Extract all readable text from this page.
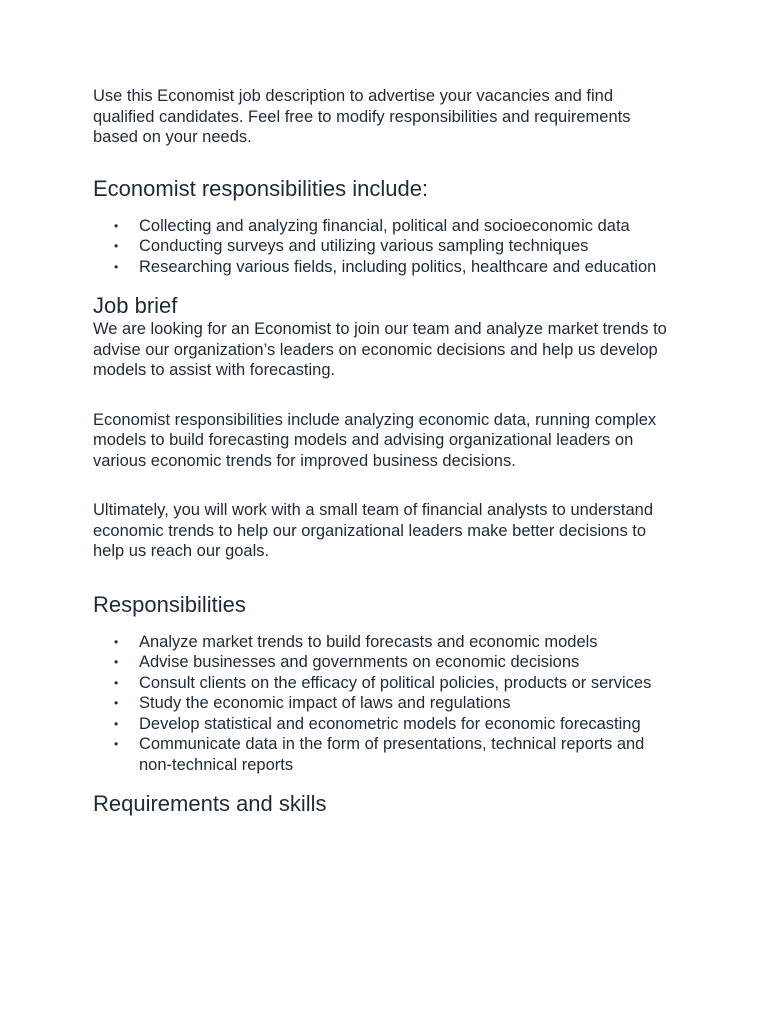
Use this Economist job description to advertise your vacancies and find qualified candidates. Feel free to modify responsibilities and requirements based on your needs.

Economist responsibilities include:
• Collecting and analyzing financial, political and socioeconomic data
• Conducting surveys and utilizing various sampling techniques
• Researching various fields, including politics, healthcare and education
Job brief

We are looking for an Economist to join our team and analyze market trends to advise our organization’s leaders on economic decisions and help us develop models to assist with forecasting.

Economist responsibilities include analyzing economic data, running complex models to build forecasting models and advising organizational leaders on various economic trends for improved business decisions.

Ultimately, you will work with a small team of financial analysts to understand economic trends to help our organizational leaders make better decisions to help us reach our goals.

Responsibilities
• Analyze market trends to build forecasts and economic models
• Advise businesses and governments on economic decisions
• Consult clients on the efficacy of political policies, products or services
• Study the economic impact of laws and regulations
• Develop statistical and econometric models for economic forecasting
• Communicate data in the form of presentations, technical reports and non-technical reports
Requirements and skills
